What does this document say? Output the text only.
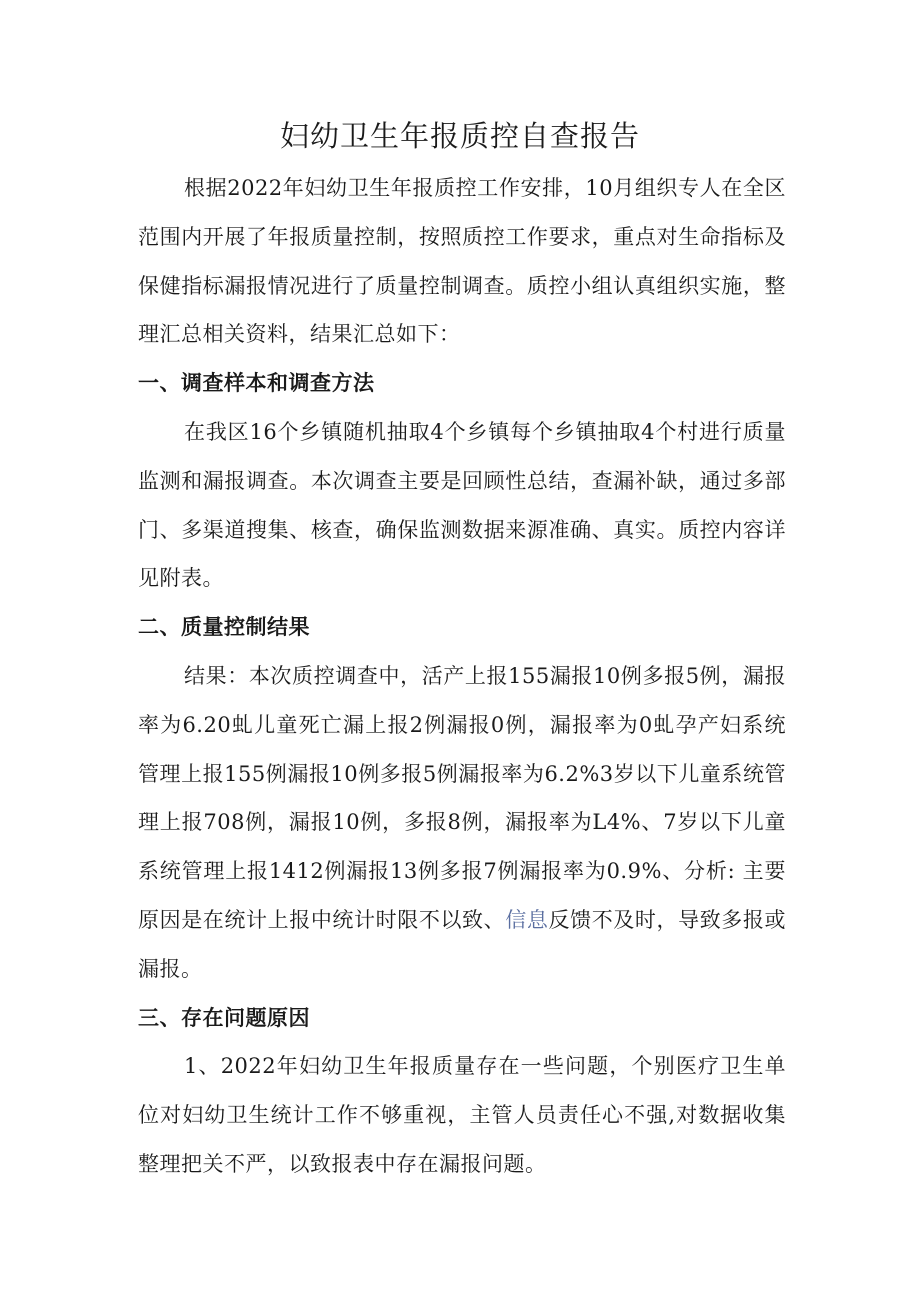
妇幼卫生年报质控自查报告

根据2022年妇幼卫生年报质控工作安排，10月组织专人在全区范围内开展了年报质量控制，按照质控工作要求，重点对生命指标及保健指标漏报情况进行了质量控制调查。质控小组认真组织实施，整理汇总相关资料，结果汇总如下：

一、调查样本和调查方法

在我区16个乡镇随机抽取4个乡镇每个乡镇抽取4个村进行质量监测和漏报调查。本次调查主要是回顾性总结，查漏补缺，通过多部门、多渠道搜集、核查，确保监测数据来源准确、真实。质控内容详见附表。

二、质量控制结果

结果：本次质控调查中，活产上报155漏报10例多报5例，漏报率为6.20虬儿童死亡漏上报2例漏报0例，漏报率为0虬孕产妇系统管理上报155例漏报10例多报5例漏报率为6.2%3岁以下儿童系统管理上报708例，漏报10例，多报8例，漏报率为L4%、7岁以下儿童系统管理上报1412例漏报13例多报7例漏报率为0.9%、分析: 主要原因是在统计上报中统计时限不以致、信息反馈不及时，导致多报或漏报。

三、存在问题原因

1、2022年妇幼卫生年报质量存在一些问题，个别医疗卫生单位对妇幼卫生统计工作不够重视，主管人员责任心不强,对数据收集整理把关不严，以致报表中存在漏报问题。
